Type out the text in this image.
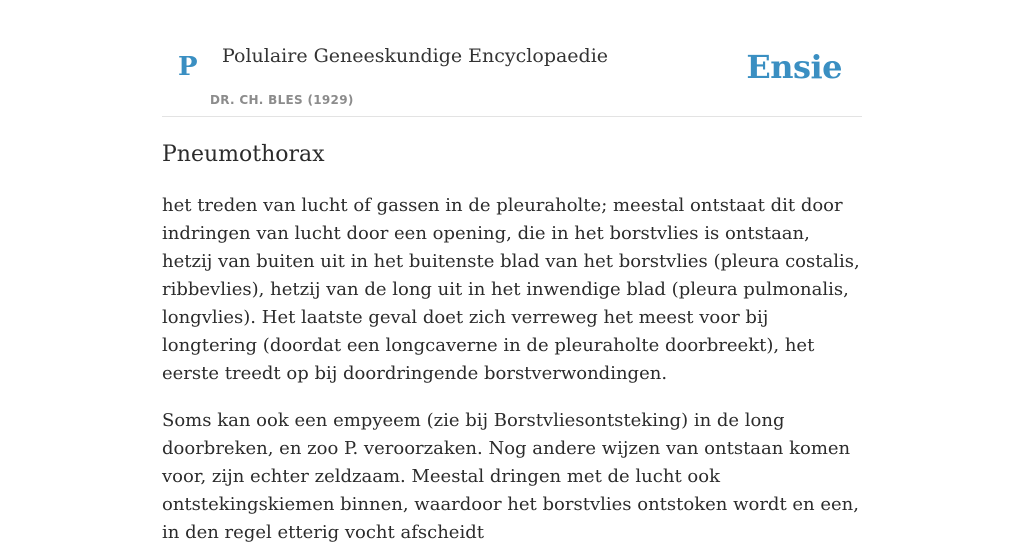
P Polulaire Geneeskundige Encyclopaedie
DR. CH. BLES (1929)
Ensie
Pneumothorax

het treden van lucht of gassen in de pleuraholte; meestal ontstaat dit door indringen van lucht door een opening, die in het borstvlies is ontstaan, hetzij van buiten uit in het buitenste blad van het borstvlies (pleura costalis, ribbevlies), hetzij van de long uit in het inwendige blad (pleura pulmonalis, longvlies). Het laatste geval doet zich verreweg het meest voor bij longtering (doordat een longcaverne in de pleuraholte doorbreekt), het eerste treedt op bij doordringende borstverwondingen.

Soms kan ook een empyeem (zie bij Borstvliesontsteking) in de long doorbreken, en zoo P. veroorzaken. Nog andere wijzen van ontstaan komen voor, zijn echter zeldzaam. Meestal dringen met de lucht ook ontstekingskiemen binnen, waardoor het borstvlies ontstoken wordt en een, in den regel etterig vocht afscheidt
